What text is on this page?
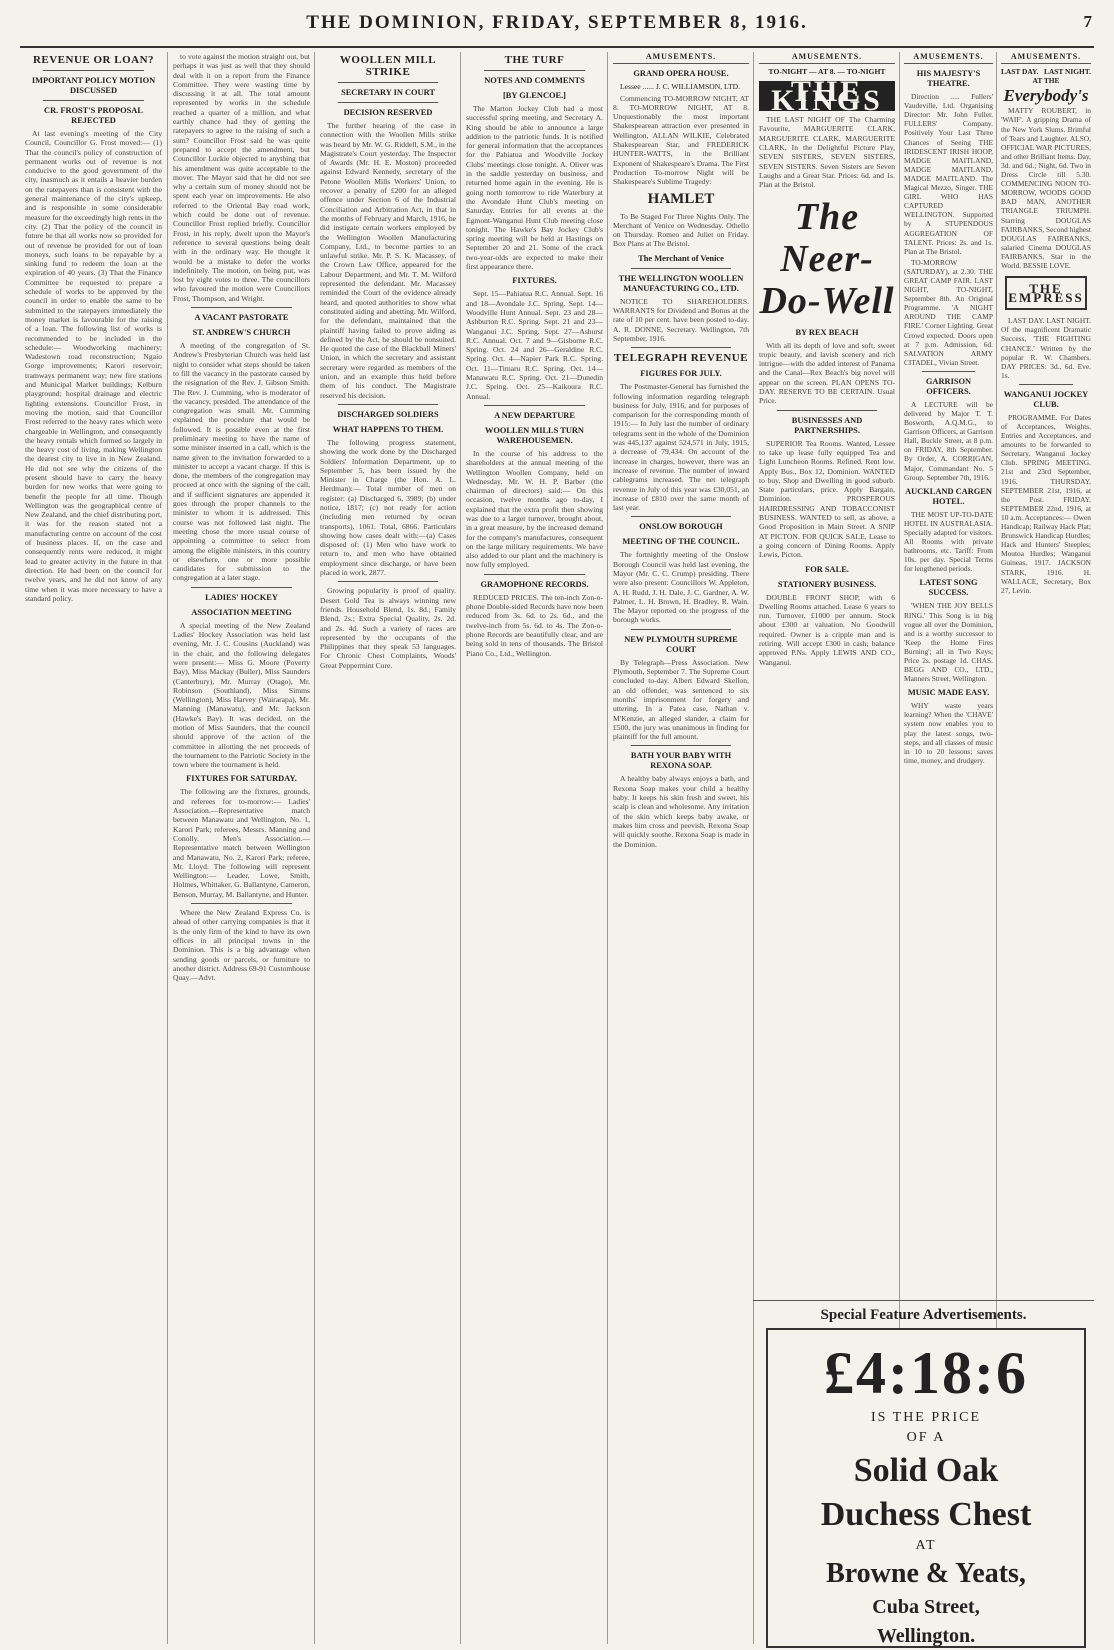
THE DOMINION, FRIDAY, SEPTEMBER 8, 1916.	7
REVENUE OR LOAN?
IMPORTANT POLICY MOTION DISCUSSED
CR. FROST'S PROPOSAL REJECTED

At last evening's meeting of the City Council, Councillor G. Frost moved:— (1) That the council's policy of construction of permanent works out of revenue is not conducive to the good government of the city, inasmuch as it entails a heavier burden on the ratepayers than is consistent with the general maintenance of the city's upkeep, and is responsible in some considerable measure for the exceedingly high rents in the city. (2) That the policy of the council in future be that all works now so provided for out of revenue be provided for out of loan moneys, such loans to be repayable by a sinking fund to redeem the loan at the expiration of 40 years. (3) That the Finance Committee be requested to prepare a schedule of works to be approved by the council in order to enable the same to be submitted to the ratepayers immediately the money market is favourable for the raising of a loan. The following list of works is recommended to be included in the schedule:— Woodworking machinery; Wadestown road reconstruction; Ngaio Gorge improvements; Karori reservoir; tramways permanent way; new fire stations and Municipal Market buildings; Kelburn playground; hospital drainage and electric lighting extensions. Councillor Frost, in moving the motion, said that Councillor Frost referred to the heavy rates which were chargeable in Wellington, and consequently the heavy rentals which formed so largely in the heavy cost of living, making Wellington the dearest city to live in in New Zealand. He did not see why the citizens of the present should have to carry the heavy burden for new works that were going to benefit the people for all time. Though Wellington was the geographical centre of New Zealand, and the chief distributing port, it was for the reason stated not a manufacturing centre on account of the cost of business places. If, on the case and consequently rents were reduced, it might lead to greater activity in the future in that direction. He had been on the council for twelve years, and he did not know of any time when it was more necessary to have a standard policy.

to vote against the motion straight out, but perhaps it was just as well that they should deal with it on a report from the Finance Committee. They were wasting time by discussing it at all. The total amount represented by works in the schedule reached a quarter of a million, and what earthly chance had they of getting the ratepayers to agree to the raising of such a sum? Councillor Frost said he was quite prepared to accept the amendment, but Councillor Luckie objected to anything that his amendment was quite acceptable to the mover. The Mayor said that he did not see why a certain sum of money should not be spent each year on improvements. He also referred to the Oriental Bay road work, which could be done out of revenue. Councillor Frost replied briefly. Councillor Frost, in his reply, dwelt upon the Mayor's reference to several questions being dealt with in the ordinary way. He thought it would be a mistake to defer the works indefinitely. The motion, on being put, was lost by eight votes to three. The councillors who favoured the motion were Councillors Frost, Thompson, and Wright.

A VACANT PASTORATE
ST. ANDREW'S CHURCH

A meeting of the congregation of St. Andrew's Presbyterian Church was held last night to consider what steps should be taken to fill the vacancy in the pastorate caused by the resignation of the Rev. J. Gibson Smith. The Rev. J. Cumming, who is moderator of the vacancy, presided. The attendance of the congregation was small. Mr. Cumming explained the procedure that would be followed. It is possible even at the first preliminary meeting to have the name of some minister inserted in a call, which is the name given to the invitation forwarded to a minister to accept a vacant charge. If this is done, the members of the congregation may proceed at once with the signing of the call, and if sufficient signatures are appended it goes through the proper channels to the minister to whom it is addressed. This course was not followed last night. The meeting chose the more usual course of appointing a committee to select from among the eligible ministers, in this country or elsewhere, one or more possible candidates for submission to the congregation at a later stage.

LADIES' HOCKEY
ASSOCIATION MEETING

A special meeting of the New Zealand Ladies' Hockey Association was held last evening, Mr. J. C. Cousins (Auckland) was in the chair, and the following delegates were present:— Miss G. Moore (Poverty Bay), Miss Mackay (Buller), Miss Saunders (Canterbury), Mr. Murray (Otago), Mr. Robinson (Southland), Miss Simms (Wellington), Miss Harvey (Wairarapa), Mr. Manning (Manawatu), and Mr. Jackson (Hawke's Bay). It was decided, on the motion of Miss Saunders, that the council should approve of the action of the committee in allotting the net proceeds of the tournament to the Patriotic Society in the town where the tournament is held.

FIXTURES FOR SATURDAY.

The following are the fixtures, grounds, and referees for to-morrow:— Ladies' Association.—Representative match between Manawatu and Wellington, No. 1, Karori Park; referees, Messrs. Manning and Conolly. Men's Association.—Representative match between Wellington and Manawatu, No. 2, Karori Park; referee, Mr. Lloyd. The following will represent Wellington:— Leader, Lowe, Smith, Holmes, Whittaker, G. Ballantyne, Cameron, Benson, Murray, M. Ballantyne, and Hunter.

Where the New Zealand Express Co. is ahead of other carrying companies is that it is the only firm of the kind to have its own offices in all principal towns in the Dominion. This is a big advantage when sending goods or parcels, or furniture to another district. Address 69-91 Customhouse Quay.—Advt.

WOOLLEN MILL STRIKE
SECRETARY IN COURT
DECISION RESERVED

The further hearing of the case in connection with the Woollen Mills strike was heard by Mr. W. G. Riddell, S.M., in the Magistrate's Court yesterday. The Inspector of Awards (Mr. H. E. Moston) proceeded against Edward Kennedy, secretary of the Petone Woollen Mills Workers' Union, to recover a penalty of £200 for an alleged offence under Section 6 of the Industrial Conciliation and Arbitration Act, in that in the months of February and March, 1916, he did instigate certain workers employed by the Wellington Woollen Manufacturing Company, Ltd., to become parties to an unlawful strike. Mr. P. S. K. Macassey, of the Crown Law Office, appeared for the Labour Department, and Mr. T. M. Wilford represented the defendant. Mr. Macassey reminded the Court of the evidence already heard, and quoted authorities to show what constituted aiding and abetting. Mr. Wilford, for the defendant, maintained that the plaintiff having failed to prove aiding as defined by the Act, he should be nonsuited. He quoted the case of the Blackball Miners' Union, in which the secretary and assistant secretary were regarded as members of the union, and an example thus held before them of his conduct. The Magistrate reserved his decision.

DISCHARGED SOLDIERS
WHAT HAPPENS TO THEM.

The following progress statement, showing the work done by the Discharged Soldiers' Information Department, up to September 5, has been issued by the Minister in Charge (the Hon. A. L. Herdman):— Total number of men on register: (a) Discharged 6, 3989; (b) under notice, 1817; (c) not ready for action (including men returned by ocean transports), 1061. Total, 6866. Particulars showing how cases dealt with:—(a) Cases disposed of: (1) Men who have work to return to, and men who have obtained employment since discharge, or have been placed in work, 2877.

Growing popularity is proof of quality. Desert Gold Tea is always winning new friends. Household Blend, 1s. 8d.; Family Blend, 2s.; Extra Special Quality, 2s. 2d. and 2s. 4d. Such a variety of races are represented by the occupants of the Philippines that they speak 53 languages. For Chronic Chest Complaints, Woods' Great Peppermint Cure.

THE TURF
NOTES AND COMMENTS
[BY GLENCOE.]

The Marton Jockey Club had a most successful spring meeting, and Secretary A. King should be able to announce a large addition to the patriotic funds. It is notified for general information that the acceptances for the Pahiatua and Woodville Jockey Clubs' meetings close tonight. A. Oliver was in the saddle yesterday on business, and returned home again in the evening. He is going north tomorrow to ride Waterbury at the Avondale Hunt Club's meeting on Saturday. Entries for all events at the Egmont-Wanganui Hunt Club meeting close tonight. The Hawke's Bay Jockey Club's spring meeting will be held at Hastings on September 20 and 21. Some of the crack two-year-olds are expected to make their first appearance there.

FIXTURES.

Sept. 15—Pahiatua R.C. Annual. Sept. 16 and 18—Avondale J.C. Spring. Sept. 14—Woodville Hunt Annual. Sept. 23 and 28—Ashburton R.C. Spring. Sept. 21 and 23—Wanganui J.C. Spring. Sept. 27—Ashurst R.C. Annual. Oct. 7 and 9—Gisborne R.C. Spring. Oct. 24 and 26—Geraldine R.C. Spring. Oct. 4—Napier Park R.C. Spring. Oct. 11—Timaru R.C. Spring. Oct. 14—Manawatu R.C. Spring. Oct. 21—Dunedin J.C. Spring. Oct. 25—Kaikoura R.C. Annual.

A NEW DEPARTURE
WOOLLEN MILLS TURN WAREHOUSEMEN.

In the course of his address to the shareholders at the annual meeting of the Wellington Woollen Company, held on Wednesday, Mr. W. H. P. Barber (the chairman of directors) said:— On this occasion, twelve months ago to-day, I explained that the extra profit then showing was due to a larger turnover, brought about, in a great measure, by the increased demand for the company's manufactures, consequent on the large military requirements. We have also added to our plant and the machinery is now fully employed.

GRAMOPHONE RECORDS.

REDUCED PRICES. The ten-inch Zon-o-phone Double-sided Records have now been reduced from 3s. 6d. to 2s. 6d., and the twelve-inch from 5s. 6d. to 4s. The Zon-o-phone Records are beautifully clear, and are being sold in tens of thousands. The Bristol Piano Co., Ltd., Wellington.

AMUSEMENTS.
GRAND OPERA HOUSE.

Lessee ...... J. C. WILLIAMSON, LTD.

Commencing TO-MORROW NIGHT, AT 8. TO-MORROW NIGHT, AT 8. Unquestionably the most important Shakespearean attraction ever presented in Wellington, ALLAN WILKIE, Celebrated Shakespearean Star, and FREDERICK HUNTER-WATTS, in the Brilliant Exponent of Shakespeare's Drama. The First Production To-morrow Night will be Shakespeare's Sublime Tragedy:

HAMLET

To Be Staged For Three Nights Only. The Merchant of Venice on Wednesday. Othello on Thursday. Romeo and Juliet on Friday. Box Plans at The Bristol.

The Merchant of Venice
THE WELLINGTON WOOLLEN MANUFACTURING CO., LTD.

NOTICE TO SHAREHOLDERS. WARRANTS for Dividend and Bonus at the rate of 10 per cent. have been posted to-day. A. R. DONNE, Secretary. Wellington, 7th September, 1916.

TELEGRAPH REVENUE
FIGURES FOR JULY.

The Postmaster-General has furnished the following information regarding telegraph business for July, 1916, and for purposes of comparison for the corresponding month of 1915:— In July last the number of ordinary telegrams sent in the whole of the Dominion was 445,137 against 524,571 in July, 1915, a decrease of 79,434. On account of the increase in charges, however, there was an increase of revenue. The number of inward cablegrams increased. The net telegraph revenue in July of this year was £30,051, an increase of £810 over the same month of last year.

ONSLOW BOROUGH
MEETING OF THE COUNCIL.

The fortnightly meeting of the Onslow Borough Council was held last evening, the Mayor (Mr. C. C. Crump) presiding. There were also present: Councillors W. Appleton, A. H. Rudd, J. H. Dale, J. C. Gardner, A. W. Palmer, L. H. Brown, H. Bradley, R. Wain. The Mayor reported on the progress of the borough works.

NEW PLYMOUTH SUPREME COURT

By Telegraph—Press Association. New Plymouth, September 7. The Supreme Court concluded to-day. Albert Edward Skellon, an old offender, was sentenced to six months' imprisonment for forgery and uttering. In a Patea case, Nathan v. M'Kenzie, an alleged slander, a claim for £500, the jury was unanimous in finding for plaintiff for the full amount.

BATH YOUR BABY WITH REXONA SOAP.

A healthy baby always enjoys a bath, and Rexona Soap makes your child a healthy baby. It keeps his skin fresh and sweet, his scalp is clean and wholesome. Any irritation of the skin which keeps baby awake, or makes him cross and peevish, Rexona Soap will quickly soothe. Rexona Soap is made in the Dominion.

AMUSEMENTS.
TO-NIGHT — AT 8. — TO-NIGHT
THE KINGS

THE LAST NIGHT OF The Charming Favourite, MARGUERITE CLARK, MARGUERITE CLARK, MARGUERITE CLARK, In the Delightful Picture Play, SEVEN SISTERS, SEVEN SISTERS, SEVEN SISTERS. Seven Sisters are Seven Laughs and a Great Star. Prices: 6d. and 1s. Plan at the Bristol.

The Neer-Do-Well
BY REX BEACH

With all its depth of love and soft, sweet tropic beauty, and lavish scenery and rich intrigue—with the added interest of Panama and the Canal—Rex Beach's big novel will appear on the screen. PLAN OPENS TO-DAY. RESERVE TO BE CERTAIN. Usual Price.

BUSINESSES AND PARTNERSHIPS.

SUPERIOR Tea Rooms. Wanted, Lessee to take up lease fully equipped Tea and Light Luncheon Rooms. Refined. Rent low. Apply Bus., Box 12, Dominion. WANTED to buy, Shop and Dwelling in good suburb. State particulars, price. Apply Bargain, Dominion. PROSPEROUS HAIRDRESSING AND TOBACCONIST BUSINESS. WANTED to sell, as above, a Good Proposition in Main Street. A SNIP AT PICTON. FOR QUICK SALE, Lease to a going concern of Dining Rooms. Apply Lewis, Picton.

FOR SALE.
STATIONERY BUSINESS.

DOUBLE FRONT SHOP, with 6 Dwelling Rooms attached. Lease 6 years to run. Turnover, £1000 per annum. Stock about £300 at valuation. No Goodwill required. Owner is a cripple man and is retiring. Will accept £300 in cash; balance approved P.Ns. Apply LEWIS AND CO., Wanganui.

AMUSEMENTS.
HIS MAJESTY'S THEATRE.

Direction ..... Fullers' Vaudeville, Ltd. Organising Director: Mr. John Fuller. FULLERS' Company. Positively Your Last Three Chances of Seeing THE IRIDESCENT IRISH HOOP, MADGE MAITLAND, MADGE MAITLAND, MADGE MAITLAND. The Magical Mezzo, Singer. THE GIRL WHO HAS CAPTURED WELLINGTON. Supported by A STUPENDOUS AGGREGATION OF TALENT. Prices: 2s. and 1s. Plan at The Bristol.

TO-MORROW (SATURDAY), at 2.30. THE GREAT CAMP FAIR. LAST NIGHT, TO-NIGHT, September 8th. An Original Programme. 'A NIGHT AROUND THE CAMP FIRE.' Corner Lighting. Great Crowd expected. Doors open at 7 p.m. Admission, 6d. SALVATION ARMY CITADEL, Vivian Street.

GARRISON OFFICERS.

A LECTURE will be delivered by Major T. T. Bosworth, A.Q.M.G., to Garrison Officers, at Garrison Hall, Buckle Street, at 8 p.m. on FRIDAY, 8th September. By Order, A. CORRIGAN, Major, Commandant No. 5 Group. September 7th, 1916.

AUCKLAND CARGEN HOTEL.

THE MOST UP-TO-DATE HOTEL IN AUSTRALASIA. Specially adapted for visitors. All Rooms with private bathrooms, etc. Tariff: From 10s. per day. Special Terms for lengthened periods.

LATEST SONG SUCCESS.

'WHEN THE JOY BELLS RING.' This Song is in big vogue all over the Dominion, and is a worthy successor to 'Keep the Home Fires Burning'; all in Two Keys; Price 2s. postage 1d. CHAS. BEGG AND CO., LTD., Manners Street, Wellington.

MUSIC MADE EASY.

WHY waste years learning? When the 'CHAVE' system now enables you to play the latest songs, two-steps, and all classes of music in 10 to 20 lessons; saves time, money, and drudgery.

AMUSEMENTS.
LAST DAY. LAST NIGHT.
AT THE
Everybody's

MATTY ROUBERT, in 'WAIF'. A gripping Drama of the New York Slums. Brimful of Tears and Laughter. ALSO, OFFICIAL WAR PICTURES, and other Brilliant Items. Day, 3d. and 6d.; Night, 6d. Two in Dress Circle till 5.30. COMMENCING NOON TO-MORROW, WOODS GOOD BAD MAN, ANOTHER TRIANGLE TRIUMPH. Starring DOUGLAS FAIRBANKS, Second highest DOUGLAS FAIRBANKS, salaried Cinema DOUGLAS FAIRBANKS, Star in the World. BESSIE LOVE.

THE EMPRESS

LAST DAY. LAST NIGHT. Of the magnificent Dramatic Success, 'THE FIGHTING CHANCE.' Written by the popular R. W. Chambers. DAY PRICES: 3d., 6d. Eve. 1s.

WANGANUI JOCKEY CLUB.

PROGRAMME. For Dates of Acceptances, Weights, Entries and Acceptances, and amounts to be forwarded to Secretary, Wanganui Jockey Club. SPRING MEETING. 21st and 23rd September, 1916. THURSDAY, SEPTEMBER 21st, 1916, at the Post. FRIDAY, SEPTEMBER 22nd, 1916, at 10 a.m. Acceptances:— Owen Handicap; Railway Hack Plat; Brunswick Handicap Hurdles; Hack and Hunters' Steeples; Moutoa Hurdles; Wanganui Guineas, 1917. JACKSON STARK, 1916. H. WALLACE, Secretary, Box 27, Levin.

Special Feature Advertisements.
£4:18:6
IS THE PRICE
OF A
Solid Oak
Duchess Chest
AT
Browne & Yeats,
Cuba Street,
Wellington.
